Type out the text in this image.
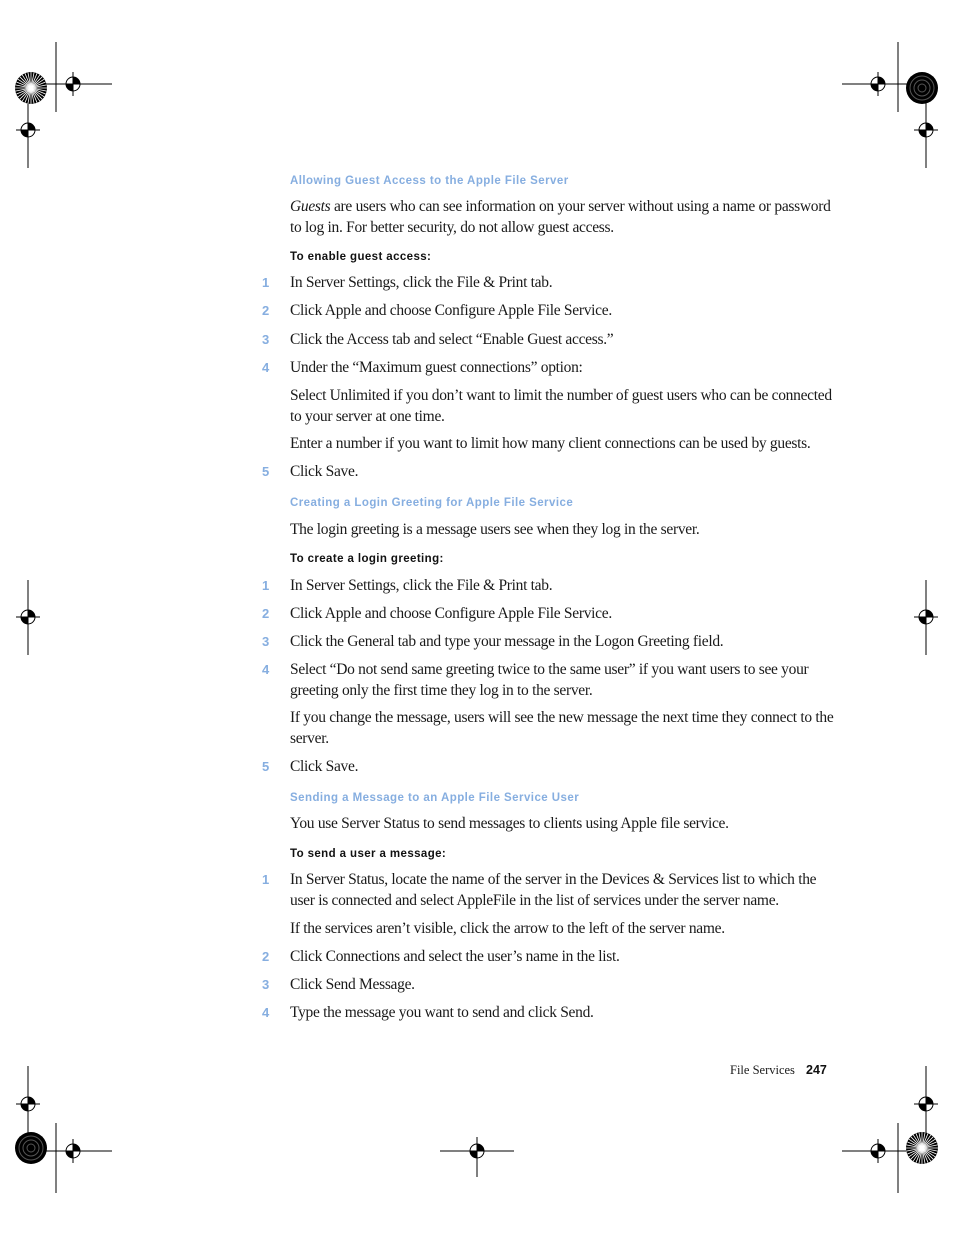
Allowing Guest Access to the Apple File Server

Guests are users who can see information on your server without using a name or password to log in. For better security, do not allow guest access.

To enable guest access:
1	In Server Settings, click the File & Print tab.

2	Click Apple and choose Configure Apple File Service.

3	Click the Access tab and select “Enable Guest access.”

4	Under the “Maximum guest connections” option:

Select Unlimited if you don’t want to limit the number of guest users who can be connected to your server at one time.

Enter a number if you want to limit how many client connections can be used by guests.

5	Click Save.

Creating a Login Greeting for Apple File Service

The login greeting is a message users see when they log in the server.

To create a login greeting:
1	In Server Settings, click the File & Print tab.

2	Click Apple and choose Configure Apple File Service.

3	Click the General tab and type your message in the Logon Greeting field.

4	Select “Do not send same greeting twice to the same user” if you want users to see your greeting only the first time they log in to the server.

If you change the message, users will see the new message the next time they connect to the server.

5	Click Save.

Sending a Message to an Apple File Service User

You use Server Status to send messages to clients using Apple file service.

To send a user a message:
1	In Server Status, locate the name of the server in the Devices & Services list to which the user is connected and select AppleFile in the list of services under the server name.

If the services aren’t visible, click the arrow to the left of the server name.

2	Click Connections and select the user’s name in the list.

3	Click Send Message.

4	Type the message you want to send and click Send.

File Services 247
